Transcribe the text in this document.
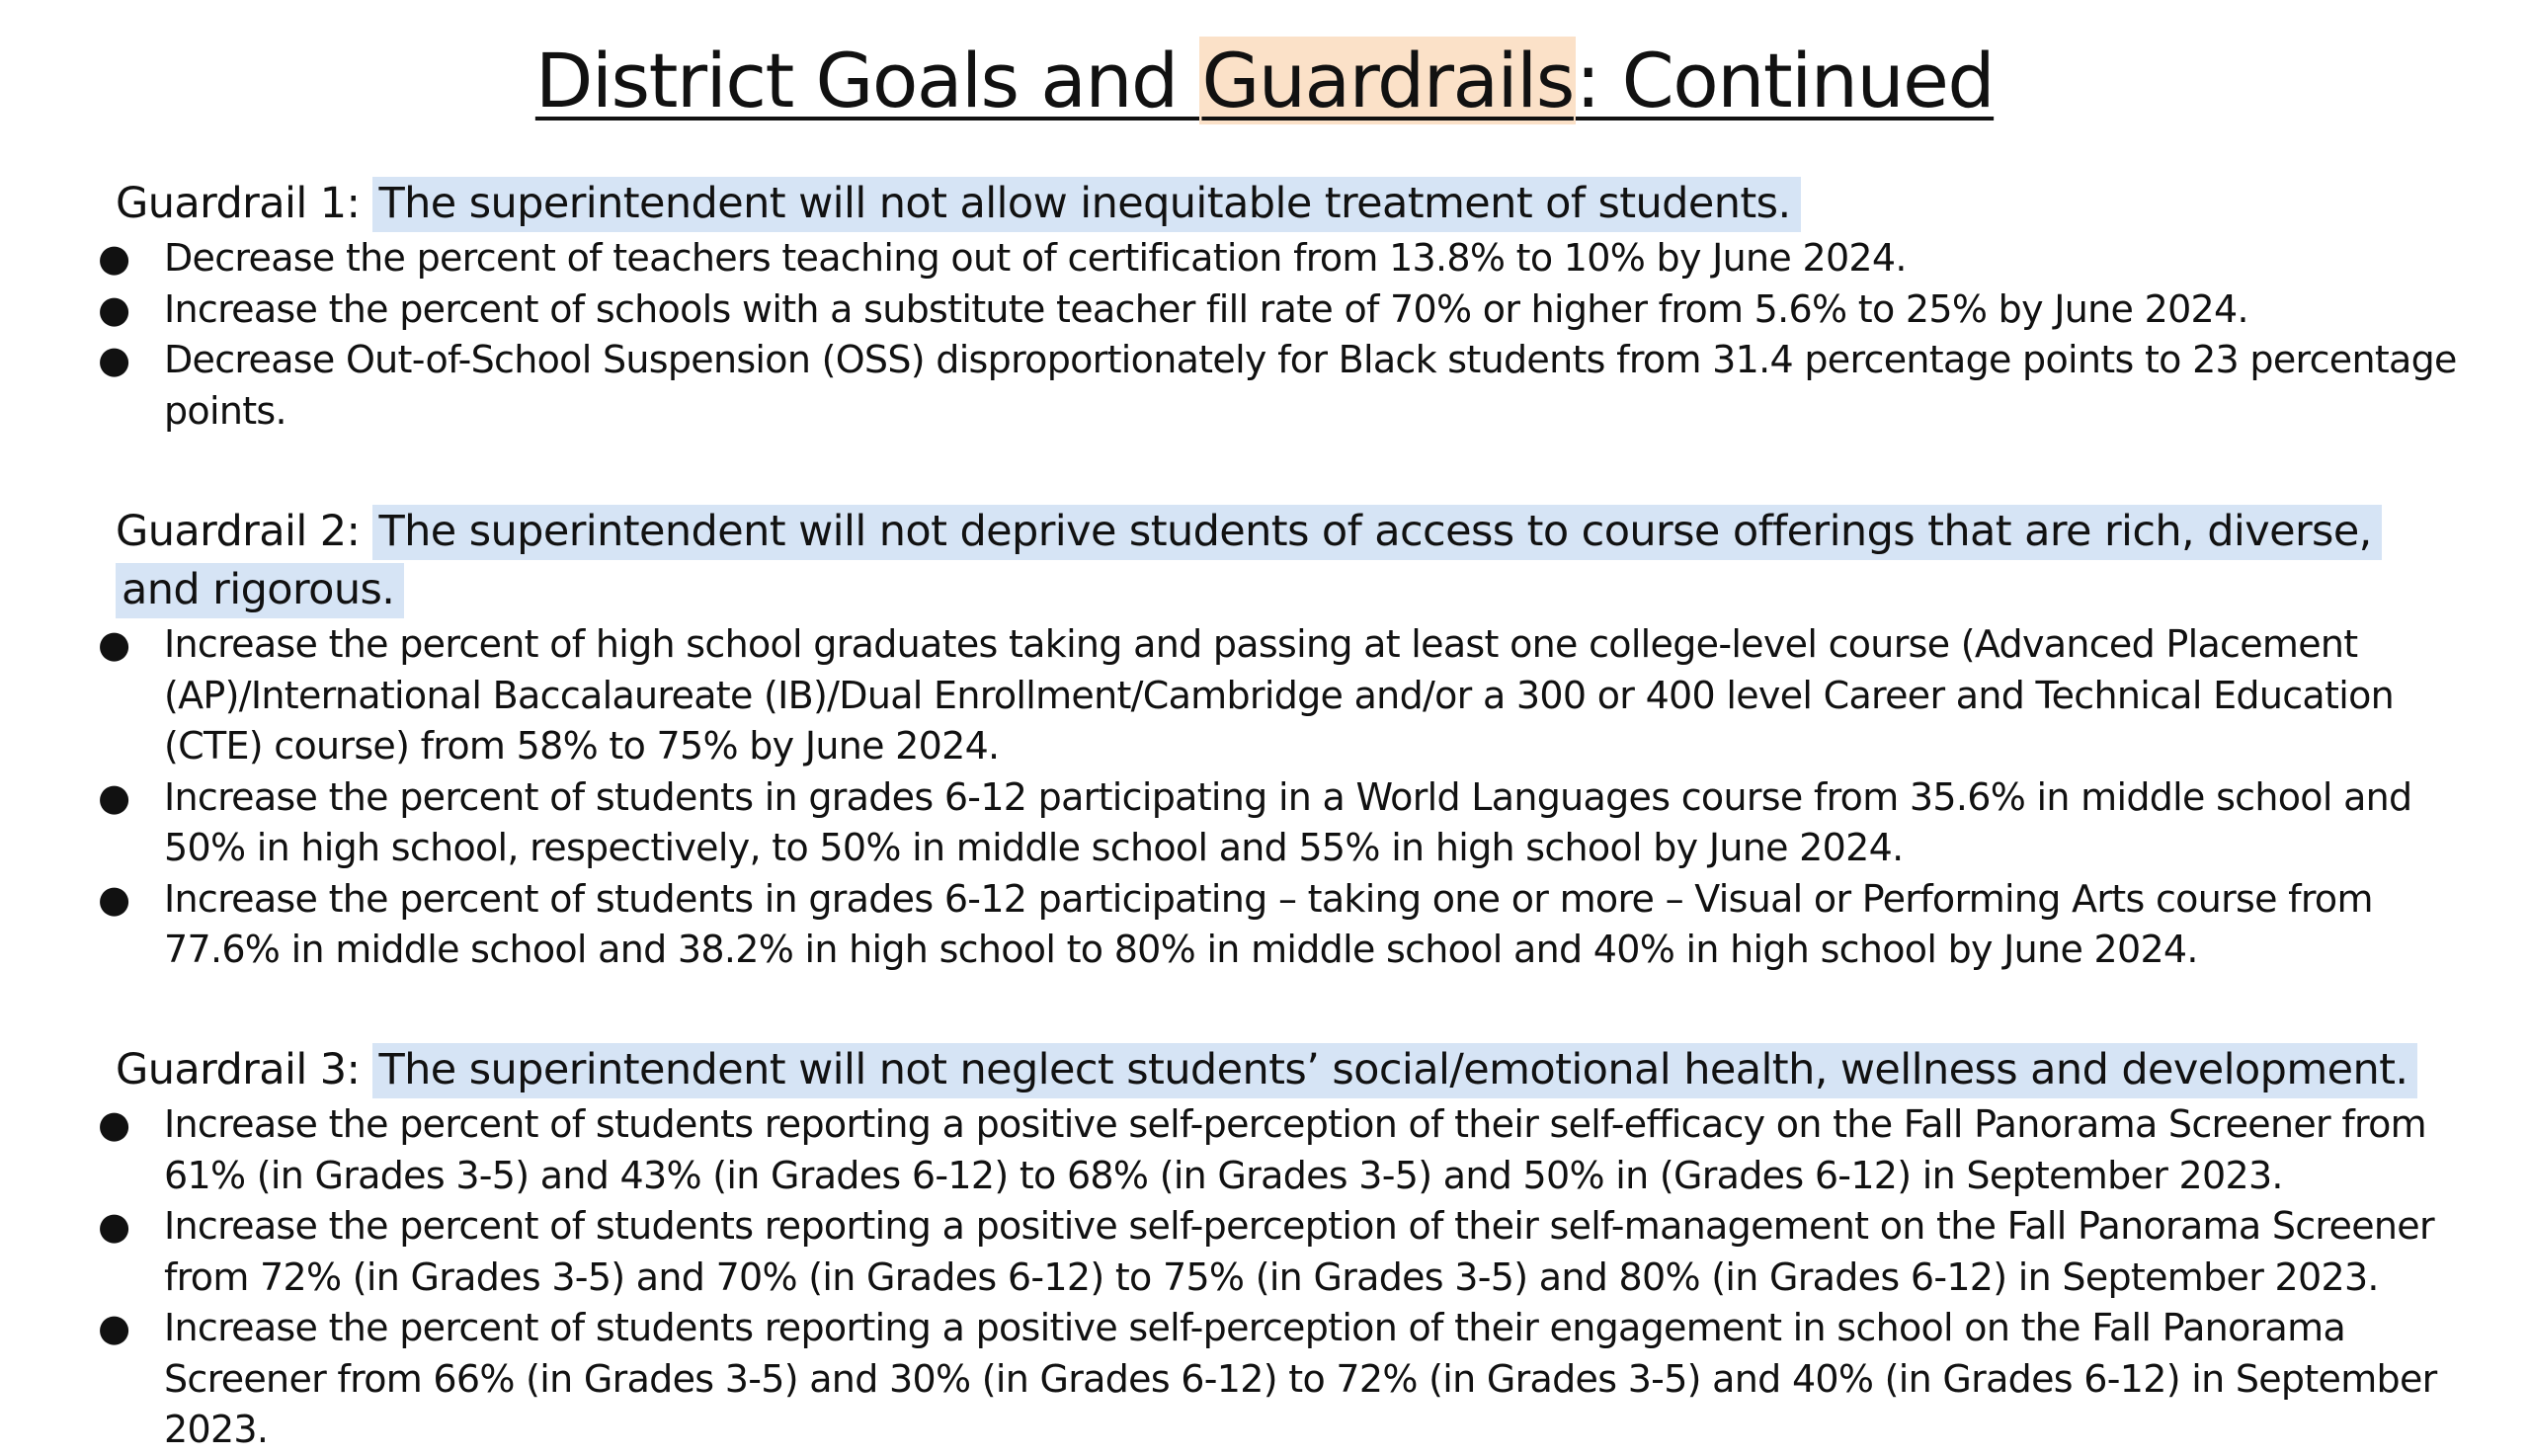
District Goals and Guardrails: Continued
Guardrail 1: The superintendent will not allow inequitable treatment of students.
● Decrease the percent of teachers teaching out of certification from 13.8% to 10% by June 2024.
● Increase the percent of schools with a substitute teacher fill rate of 70% or higher from 5.6% to 25% by June 2024.
● Decrease Out-of-School Suspension (OSS) disproportionately for Black students from 31.4 percentage points to 23 percentage points.
Guardrail 2: The superintendent will not deprive students of access to course offerings that are rich, diverse, and rigorous.
● Increase the percent of high school graduates taking and passing at least one college-level course (Advanced Placement (AP)/International Baccalaureate (IB)/Dual Enrollment/Cambridge and/or a 300 or 400 level Career and Technical Education (CTE) course) from 58% to 75% by June 2024.
● Increase the percent of students in grades 6-12 participating in a World Languages course from 35.6% in middle school and 50% in high school, respectively, to 50% in middle school and 55% in high school by June 2024.
● Increase the percent of students in grades 6-12 participating – taking one or more – Visual or Performing Arts course from 77.6% in middle school and 38.2% in high school to 80% in middle school and 40% in high school by June 2024.
Guardrail 3: The superintendent will not neglect students’ social/emotional health, wellness and development.
● Increase the percent of students reporting a positive self-perception of their self-efficacy on the Fall Panorama Screener from 61% (in Grades 3-5) and 43% (in Grades 6-12) to 68% (in Grades 3-5) and 50% in (Grades 6-12) in September 2023.
● Increase the percent of students reporting a positive self-perception of their self-management on the Fall Panorama Screener from 72% (in Grades 3-5) and 70% (in Grades 6-12) to 75% (in Grades 3-5) and 80% (in Grades 6-12) in September 2023.
● Increase the percent of students reporting a positive self-perception of their engagement in school on the Fall Panorama Screener from 66% (in Grades 3-5) and 30% (in Grades 6-12) to 72% (in Grades 3-5) and 40% (in Grades 6-12) in September 2023.
